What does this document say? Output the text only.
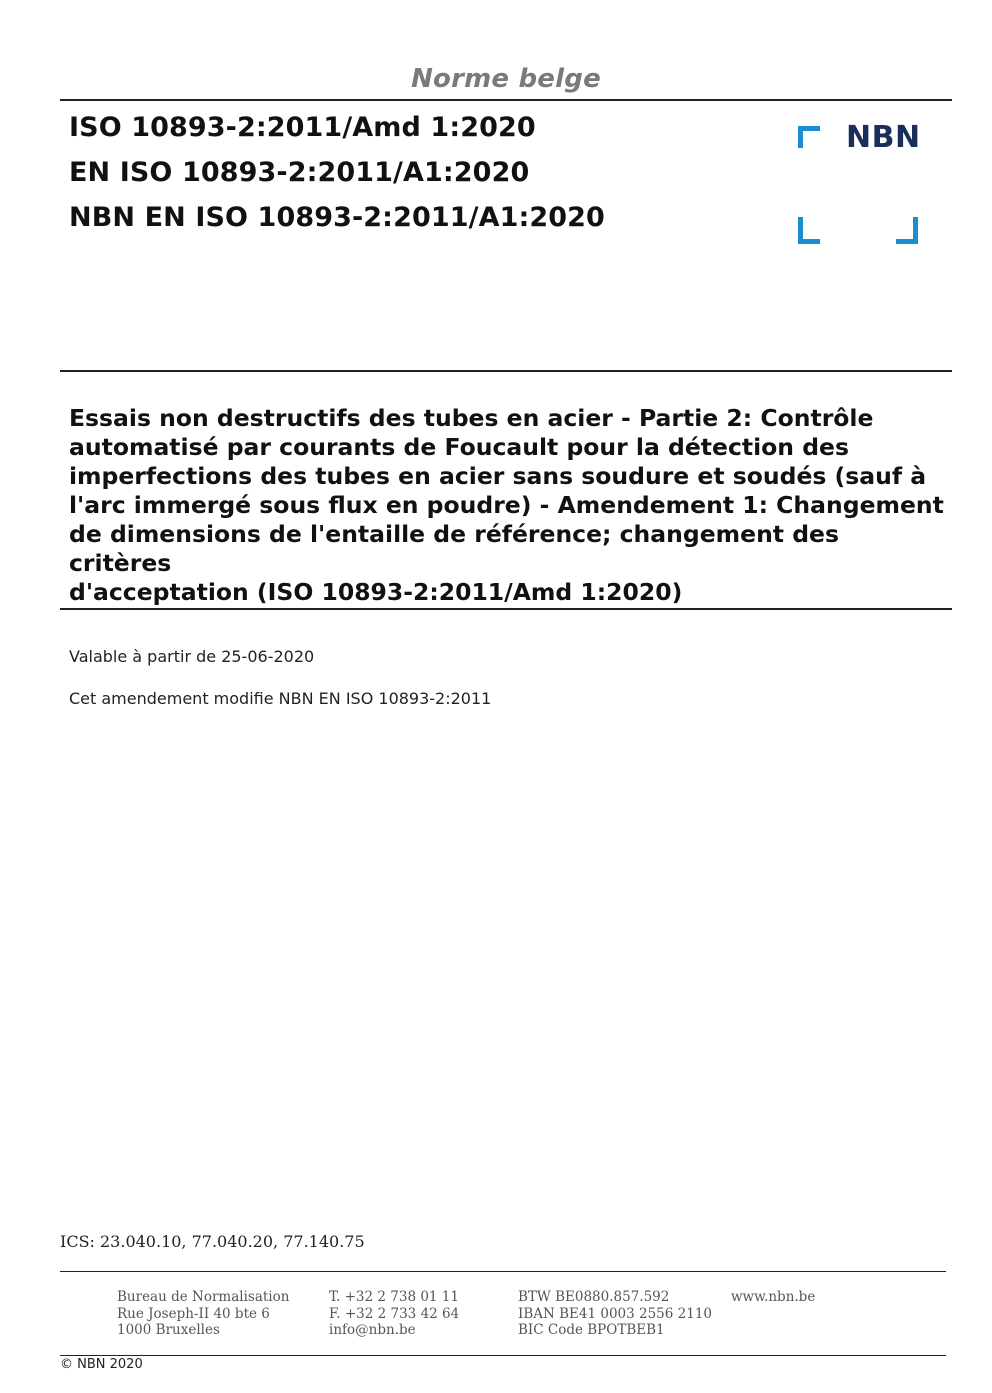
Norme belge
ISO 10893-2:2011/Amd 1:2020
EN ISO 10893-2:2011/A1:2020
NBN EN ISO 10893-2:2011/A1:2020
NBN
Essais non destructifs des tubes en acier - Partie 2: Contrôle
automatisé par courants de Foucault pour la détection des
imperfections des tubes en acier sans soudure et soudés (sauf à
l'arc immergé sous flux en poudre) - Amendement 1: Changement
de dimensions de l'entaille de référence; changement des critères
d'acceptation (ISO 10893-2:2011/Amd 1:2020)
Valable à partir de 25-06-2020
Cet amendement modifie NBN EN ISO 10893-2:2011
ICS: 23.040.10, 77.040.20, 77.140.75
Bureau de Normalisation
Rue Joseph-II 40 bte 6
1000 Bruxelles
T. +32 2 738 01 11
F. +32 2 733 42 64
info@nbn.be
BTW BE0880.857.592
IBAN BE41 0003 2556 2110
BIC Code BPOTBEB1
www.nbn.be
© NBN 2020
